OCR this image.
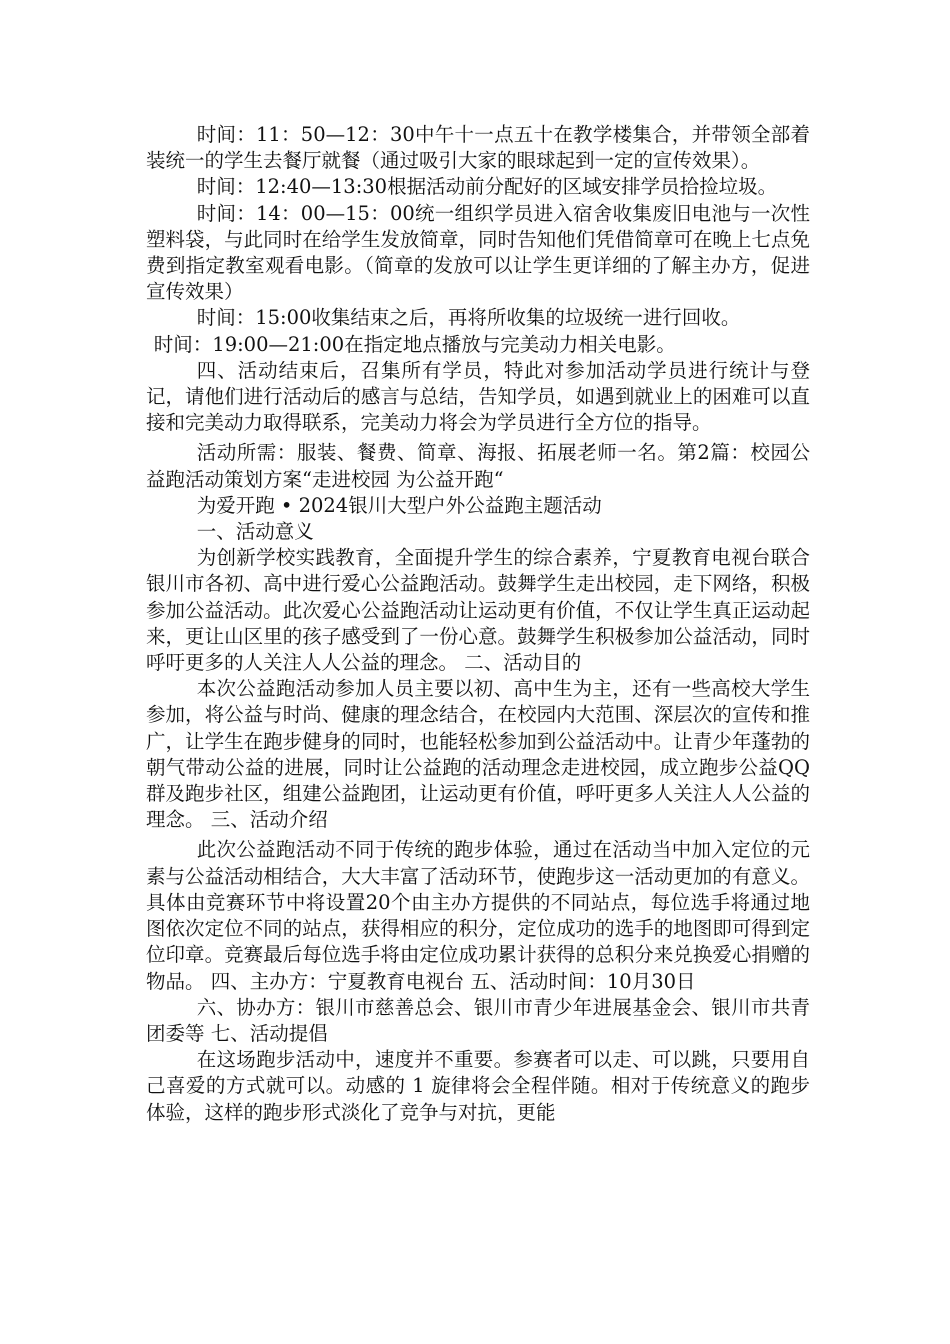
时间：11：50—12：30中午十一点五十在教学楼集合，并带领全部着装统一的学生去餐厅就餐（通过吸引大家的眼球起到一定的宣传效果）。

时间：12:40—13:30根据活动前分配好的区域安排学员拾捡垃圾。

时间：14：00—15：00统一组织学员进入宿舍收集废旧电池与一次性塑料袋，与此同时在给学生发放简章，同时告知他们凭借简章可在晚上七点免费到指定教室观看电影。（简章的发放可以让学生更详细的了解主办方，促进宣传效果）

时间：15:00收集结束之后，再将所收集的垃圾统一进行回收。

时间：19:00—21:00在指定地点播放与完美动力相关电影。

四、活动结束后，召集所有学员，特此对参加活动学员进行统计与登记，请他们进行活动后的感言与总结，告知学员，如遇到就业上的困难可以直接和完美动力取得联系，完美动力将会为学员进行全方位的指导。

活动所需：服装、餐费、简章、海报、拓展老师一名。第2篇：校园公益跑活动策划方案“走进校园 为公益开跑“

为爱开跑 • 2024银川大型户外公益跑主题活动

一、活动意义

为创新学校实践教育，全面提升学生的综合素养，宁夏教育电视台联合银川市各初、高中进行爱心公益跑活动。鼓舞学生走出校园，走下网络，积极参加公益活动。此次爱心公益跑活动让运动更有价值，不仅让学生真正运动起来，更让山区里的孩子感受到了一份心意。鼓舞学生积极参加公益活动，同时呼吁更多的人关注人人公益的理念。 二、活动目的

本次公益跑活动参加人员主要以初、高中生为主，还有一些高校大学生参加，将公益与时尚、健康的理念结合，在校园内大范围、深层次的宣传和推广，让学生在跑步健身的同时，也能轻松参加到公益活动中。让青少年蓬勃的朝气带动公益的进展，同时让公益跑的活动理念走进校园，成立跑步公益QQ群及跑步社区，组建公益跑团，让运动更有价值，呼吁更多人关注人人公益的理念。 三、活动介绍

此次公益跑活动不同于传统的跑步体验，通过在活动当中加入定位的元素与公益活动相结合，大大丰富了活动环节，使跑步这一活动更加的有意义。具体由竞赛环节中将设置20个由主办方提供的不同站点，每位选手将通过地图依次定位不同的站点，获得相应的积分，定位成功的选手的地图即可得到定位印章。竞赛最后每位选手将由定位成功累计获得的总积分来兑换爱心捐赠的物品。 四、主办方：宁夏教育电视台 五、活动时间：10月30日

六、协办方：银川市慈善总会、银川市青少年进展基金会、银川市共青团委等 七、活动提倡

在这场跑步活动中，速度并不重要。参赛者可以走、可以跳，只要用自己喜爱的方式就可以。动感的 1 旋律将会全程伴随。相对于传统意义的跑步体验，这样的跑步形式淡化了竞争与对抗，更能
